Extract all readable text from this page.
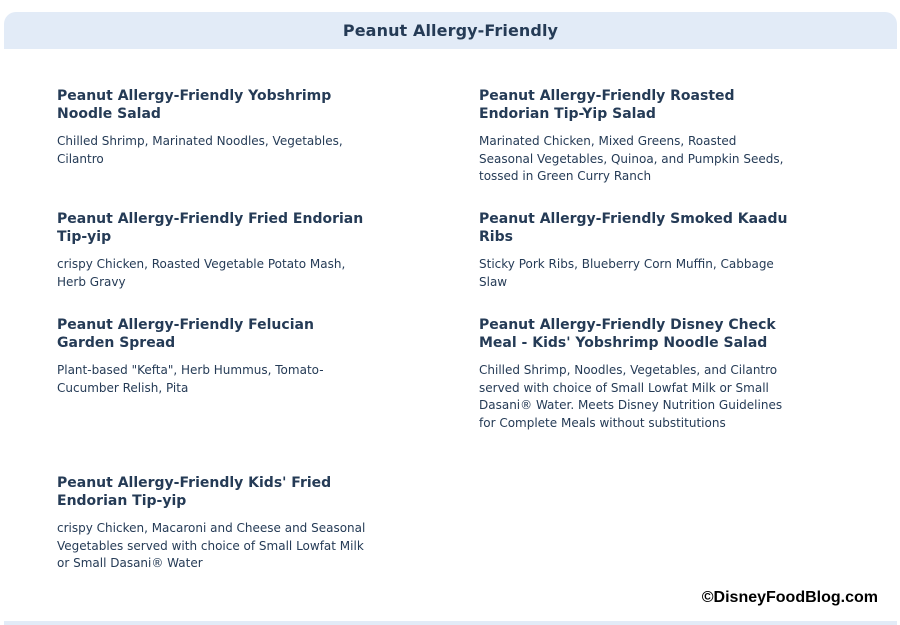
Peanut Allergy-Friendly

Peanut Allergy-Friendly Yobshrimp Noodle Salad

Chilled Shrimp, Marinated Noodles, Vegetables, Cilantro

Peanut Allergy-Friendly Roasted Endorian Tip-Yip Salad

Marinated Chicken, Mixed Greens, Roasted Seasonal Vegetables, Quinoa, and Pumpkin Seeds, tossed in Green Curry Ranch

Peanut Allergy-Friendly Fried Endorian Tip-yip

crispy Chicken, Roasted Vegetable Potato Mash, Herb Gravy

Peanut Allergy-Friendly Smoked Kaadu Ribs

Sticky Pork Ribs, Blueberry Corn Muffin, Cabbage Slaw

Peanut Allergy-Friendly Felucian Garden Spread

Plant-based "Kefta", Herb Hummus, Tomato-Cucumber Relish, Pita

Peanut Allergy-Friendly Disney Check Meal - Kids' Yobshrimp Noodle Salad

Chilled Shrimp, Noodles, Vegetables, and Cilantro served with choice of Small Lowfat Milk or Small Dasani® Water. Meets Disney Nutrition Guidelines for Complete Meals without substitutions

Peanut Allergy-Friendly Kids' Fried Endorian Tip-yip

crispy Chicken, Macaroni and Cheese and Seasonal Vegetables served with choice of Small Lowfat Milk or Small Dasani® Water

©DisneyFoodBlog.com
